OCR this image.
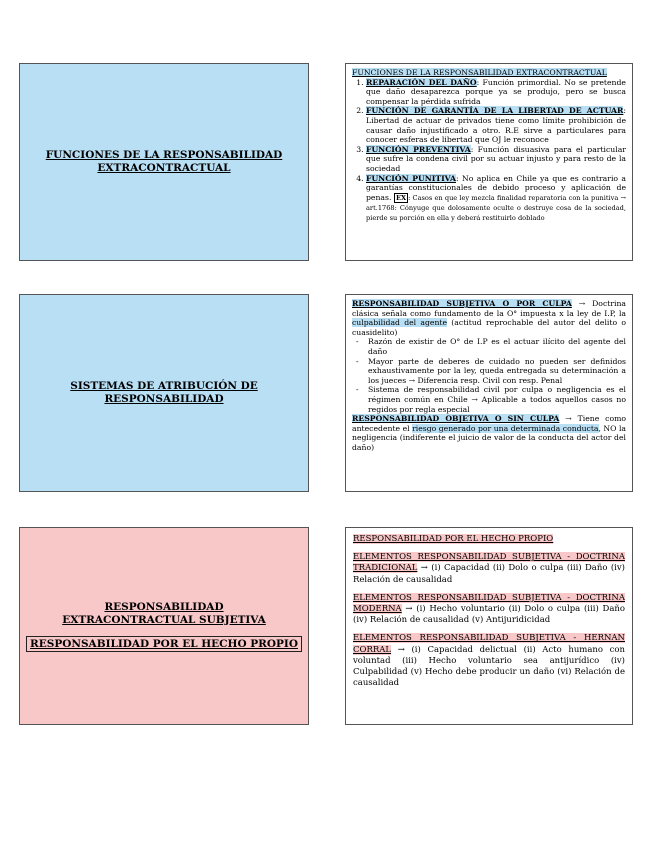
FUNCIONES DE LA RESPONSABILIDAD EXTRACONTRACTUAL
FUNCIONES DE LA RESPONSABILIDAD EXTRACONTRACTUAL
1. REPARACIÓN DEL DAÑO: Función primordial. No se pretende que daño desaparezca porque ya se produjo, pero se busca compensar la pérdida sufrida
2. FUNCIÓN DE GARANTÍA DE LA LIBERTAD DE ACTUAR: Libertad de actuar de privados tiene como límite prohibición de causar daño injustificado a otro. R.E sirve a particulares para conocer esferas de libertad que OJ le reconoce
3. FUNCIÓN PREVENTIVA: Función disuasiva para el particular que sufre la condena civil por su actuar injusto y para resto de la sociedad
4. FUNCIÓN PUNITIVA: No aplica en Chile ya que es contrario a garantías constitucionales de debido proceso y aplicación de penas. EX : Casos en que ley mezcla finalidad reparatoria con la punitiva → art.1768: Cónyuge que dolosamente oculte o destruye cosa de la sociedad, pierde su porción en ella y deberá restituirlo doblado
SISTEMAS DE ATRIBUCIÓN DE RESPONSABILIDAD
RESPONSABILIDAD SUBJETIVA O POR CULPA → Doctrina clásica señala como fundamento de la O° impuesta x la ley de I.P, la culpabilidad del agente (actitud reprochable del autor del delito o cuasidelito)
- Razón de existir de O° de I.P es el actuar ilícito del agente del daño
- Mayor parte de deberes de cuidado no pueden ser definidos exhaustivamente por la ley, queda entregada su determinación a los jueces → Diferencia resp. Civil con resp. Penal
- Sistema de responsabilidad civil por culpa o negligencia es el régimen común en Chile → Aplicable a todos aquellos casos no regidos por regla especial
RESPONSABILIDAD OBJETIVA O SIN CULPA → Tiene como antecedente el riesgo generado por una determinada conducta, NO la negligencia (indiferente el juicio de valor de la conducta del actor del daño)
RESPONSABILIDAD EXTRACONTRACTUAL SUBJETIVA
RESPONSABILIDAD POR EL HECHO PROPIO

RESPONSABILIDAD POR EL HECHO PROPIO

ELEMENTOS RESPONSABILIDAD SUBJETIVA - DOCTRINA TRADICIONAL → (i) Capacidad (ii) Dolo o culpa (iii) Daño (iv) Relación de causalidad

ELEMENTOS RESPONSABILIDAD SUBJETIVA - DOCTRINA MODERNA → (i) Hecho voluntario (ii) Dolo o culpa (iii) Daño (iv) Relación de causalidad (v) Antijuridicidad

ELEMENTOS RESPONSABILIDAD SUBJETIVA - HERNAN CORRAL → (i) Capacidad delictual (ii) Acto humano con voluntad (iii) Hecho voluntario sea antijurídico (iv) Culpabilidad (v) Hecho debe producir un daño (vi) Relación de causalidad
